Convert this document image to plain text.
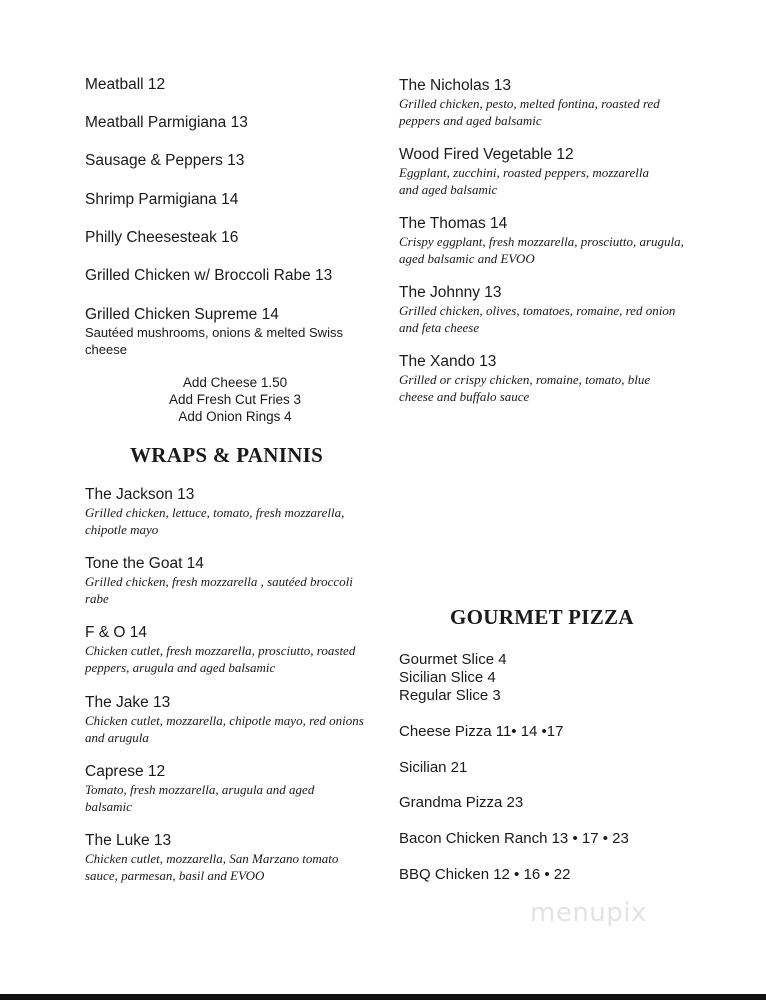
Meatball 12
Meatball Parmigiana 13
Sausage & Peppers 13
Shrimp Parmigiana 14
Philly Cheesesteak 16
Grilled Chicken w/ Broccoli Rabe 13
Grilled Chicken Supreme 14
Sautéed mushrooms, onions & melted Swiss cheese
Add Cheese 1.50
Add Fresh Cut Fries 3
Add Onion Rings 4
WRAPS & PANINIS
The Jackson 13
Grilled chicken, lettuce, tomato, fresh mozzarella, chipotle mayo
Tone the Goat 14
Grilled chicken, fresh mozzarella , sautéed broccoli rabe
F & O 14
Chicken cutlet, fresh mozzarella, prosciutto, roasted peppers, arugula and aged balsamic
The Jake 13
Chicken cutlet, mozzarella, chipotle mayo, red onions and arugula
Caprese 12
Tomato, fresh mozzarella, arugula and aged balsamic
The Luke 13
Chicken cutlet, mozzarella, San Marzano tomato sauce, parmesan, basil and EVOO
The Nicholas 13
Grilled chicken, pesto, melted fontina, roasted red peppers and aged balsamic
Wood Fired Vegetable 12
Eggplant, zucchini, roasted peppers, mozzarella and aged balsamic
The Thomas 14
Crispy eggplant, fresh mozzarella, prosciutto, arugula, aged balsamic and EVOO
The Johnny 13
Grilled chicken, olives, tomatoes, romaine, red onion and feta cheese
The Xando 13
Grilled or crispy chicken, romaine, tomato, blue cheese and buffalo sauce
GOURMET PIZZA
Gourmet Slice 4
Sicilian Slice 4
Regular Slice 3
Cheese Pizza 11• 14 •17
Sicilian 21
Grandma Pizza 23
Bacon Chicken Ranch 13 • 17 • 23
BBQ Chicken 12 • 16 • 22
menupix
